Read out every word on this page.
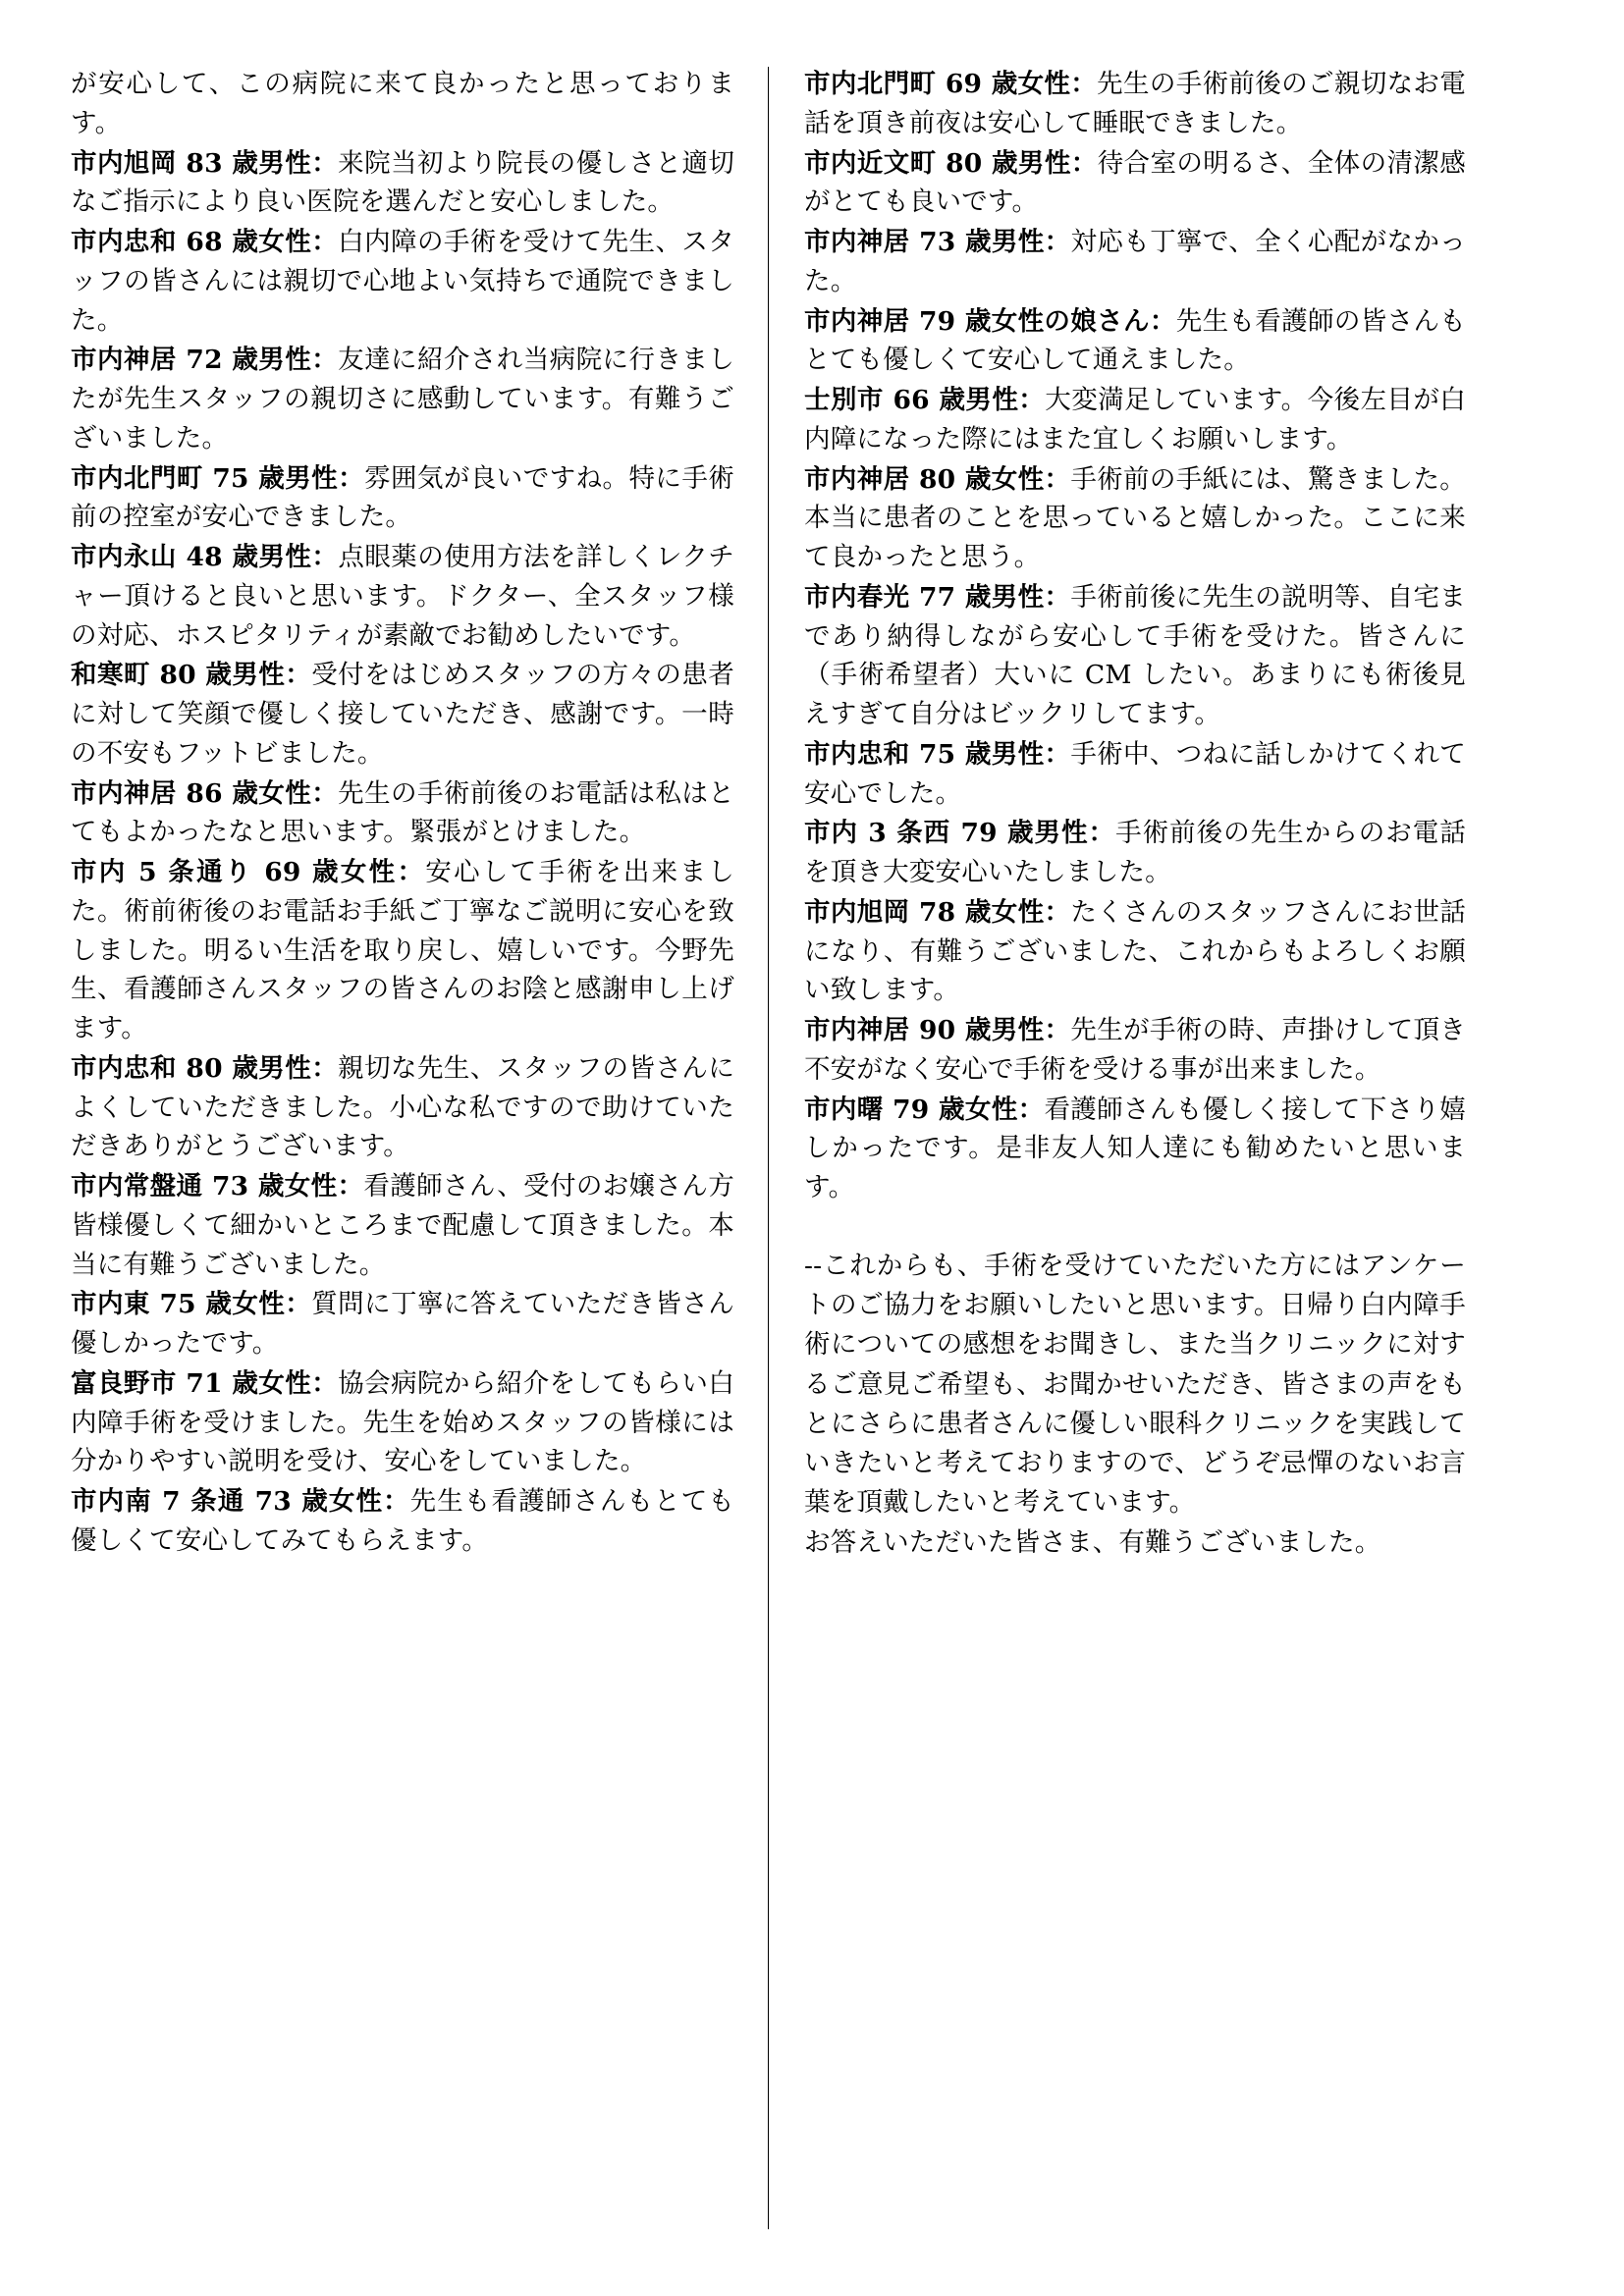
が安心して、この病院に来て良かったと思っております。

市内旭岡 83 歳男性：来院当初より院長の優しさと適切なご指示により良い医院を選んだと安心しました。

市内忠和 68 歳女性：白内障の手術を受けて先生、スタッフの皆さんには親切で心地よい気持ちで通院できました。

市内神居 72 歳男性：友達に紹介され当病院に行きましたが先生スタッフの親切さに感動しています。有難うございました。

市内北門町 75 歳男性：雰囲気が良いですね。特に手術前の控室が安心できました。

市内永山 48 歳男性：点眼薬の使用方法を詳しくレクチャー頂けると良いと思います。ドクター、全スタッフ様の対応、ホスピタリティが素敵でお勧めしたいです。

和寒町 80 歳男性：受付をはじめスタッフの方々の患者に対して笑顔で優しく接していただき、感謝です。一時の不安もフットビました。

市内神居 86 歳女性：先生の手術前後のお電話は私はとてもよかったなと思います。緊張がとけました。

市内 5 条通り 69 歳女性：安心して手術を出来ました。術前術後のお電話お手紙ご丁寧なご説明に安心を致しました。明るい生活を取り戻し、嬉しいです。今野先生、看護師さんスタッフの皆さんのお陰と感謝申し上げます。

市内忠和 80 歳男性：親切な先生、スタッフの皆さんによくしていただきました。小心な私ですので助けていただきありがとうございます。

市内常盤通 73 歳女性：看護師さん、受付のお嬢さん方皆様優しくて細かいところまで配慮して頂きました。本当に有難うございました。

市内東 75 歳女性：質問に丁寧に答えていただき皆さん優しかったです。

富良野市 71 歳女性：協会病院から紹介をしてもらい白内障手術を受けました。先生を始めスタッフの皆様には分かりやすい説明を受け、安心をしていました。

市内南 7 条通 73 歳女性：先生も看護師さんもとても優しくて安心してみてもらえます。

市内北門町 69 歳女性：先生の手術前後のご親切なお電話を頂き前夜は安心して睡眠できました。

市内近文町 80 歳男性：待合室の明るさ、全体の清潔感がとても良いです。

市内神居 73 歳男性：対応も丁寧で、全く心配がなかった。

市内神居 79 歳女性の娘さん：先生も看護師の皆さんもとても優しくて安心して通えました。

士別市 66 歳男性：大変満足しています。今後左目が白内障になった際にはまた宜しくお願いします。

市内神居 80 歳女性：手術前の手紙には、驚きました。本当に患者のことを思っていると嬉しかった。ここに来て良かったと思う。

市内春光 77 歳男性：手術前後に先生の説明等、自宅まであり納得しながら安心して手術を受けた。皆さんに（手術希望者）大いに CM したい。あまりにも術後見えすぎて自分はビックリしてます。

市内忠和 75 歳男性：手術中、つねに話しかけてくれて安心でした。

市内 3 条西 79 歳男性：手術前後の先生からのお電話を頂き大変安心いたしました。

市内旭岡 78 歳女性：たくさんのスタッフさんにお世話になり、有難うございました、これからもよろしくお願い致します。

市内神居 90 歳男性：先生が手術の時、声掛けして頂き不安がなく安心で手術を受ける事が出来ました。

市内曙 79 歳女性：看護師さんも優しく接して下さり嬉しかったです。是非友人知人達にも勧めたいと思います。

--これからも、手術を受けていただいた方にはアンケートのご協力をお願いしたいと思います。日帰り白内障手術についての感想をお聞きし、また当クリニックに対するご意見ご希望も、お聞かせいただき、皆さまの声をもとにさらに患者さんに優しい眼科クリニックを実践していきたいと考えておりますので、どうぞ忌憚のないお言葉を頂戴したいと考えています。

お答えいただいた皆さま、有難うございました。
